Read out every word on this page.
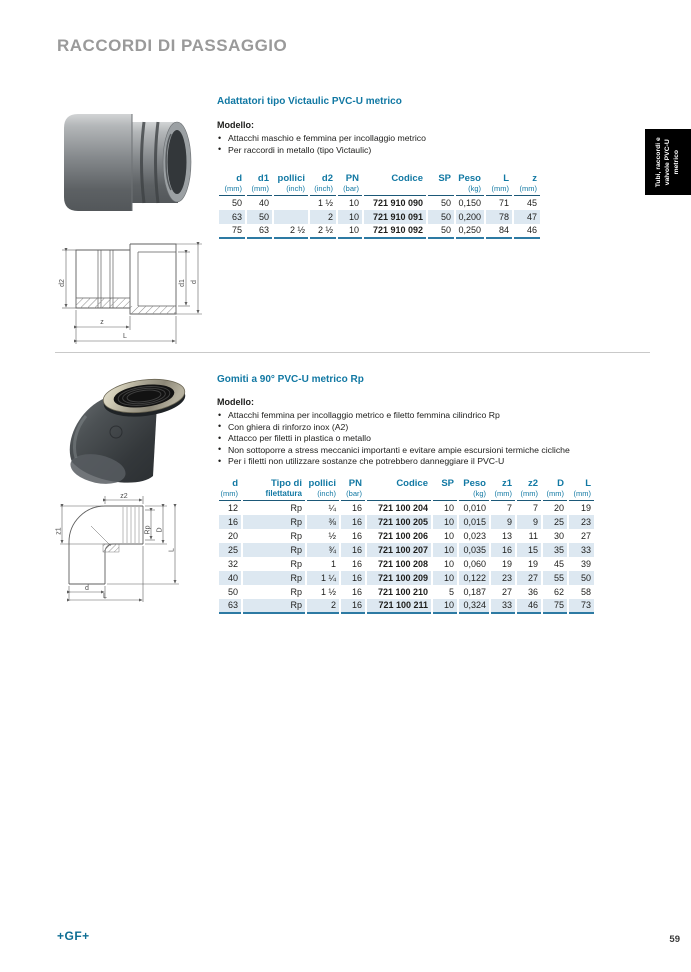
RACCORDI DI PASSAGGIO
d2	d1 d
z
L
Adattatori tipo Victaulic PVC-U metrico
Modello:
• Attacchi maschio e femmina per incollaggio metrico
• Per raccordi in metallo (tipo Victaulic)
d	d1	pollici	d2	PN	Codice	SP	Peso	L	z
(mm)	(mm)	(inch)	(inch)	(bar)			(kg)	(mm)	(mm)
50	40		1 ½	10	721 910 090	50	0,150	71	45
63	50		2	10	721 910 091	50	0,200	78	47
75	63	2 ½	2 ½	10	721 910 092	50	0,250	84	46
z2
z1	Rp D
L
d
L
Gomiti a 90° PVC-U metrico Rp
Modello:
• Attacchi femmina per incollaggio metrico e filetto femmina cilindrico Rp
• Con ghiera di rinforzo inox (A2)
• Attacco per filetti in plastica o metallo
• Non sottoporre a stress meccanici importanti e evitare ampie escursioni termiche cicliche
• Per i filetti non utilizzare sostanze che potrebbero danneggiare il PVC-U
d	Tipo di	pollici	PN	Codice	SP	Peso	z1	z2	D	L
(mm)	filettatura	(inch)	(bar)			(kg)	(mm)	(mm)	(mm)	(mm)
12	Rp	¼	16	721 100 204	10	0,010	7	7	20	19
16	Rp	⅜	16	721 100 205	10	0,015	9	9	25	23
20	Rp	½	16	721 100 206	10	0,023	13	11	30	27
25	Rp	¾	16	721 100 207	10	0,035	16	15	35	33
32	Rp	1	16	721 100 208	10	0,060	19	19	45	39
40	Rp	1 ¼	16	721 100 209	10	0,122	23	27	55	50
50	Rp	1 ½	16	721 100 210	5	0,187	27	36	62	58
63	Rp	2	16	721 100 211	10	0,324	33	46	75	73
Tubi, raccordi e valvole PVC-U metrico
+GF+	59
